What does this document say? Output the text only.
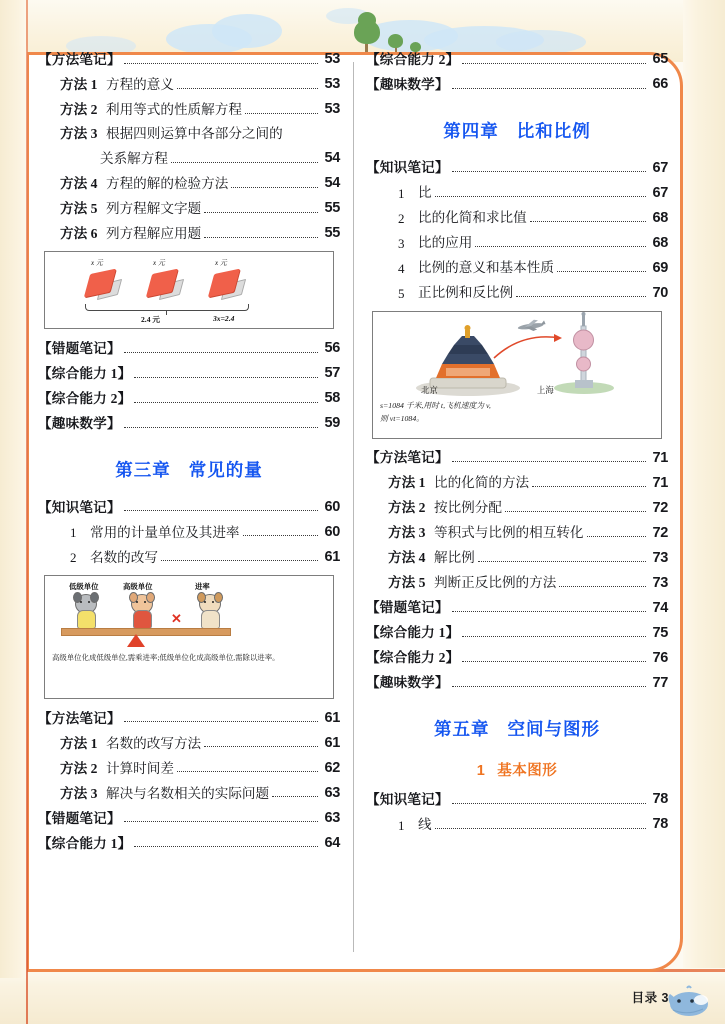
【方法笔记】	53
方法 1 方程的意义	53
方法 2 利用等式的性质解方程	53
方法 3 根据四则运算中各部分之间的
关系解方程	54
方法 4 方程的解的检验方法	54
方法 5 列方程解文字题	55
方法 6 列方程解应用题	55
x 元	x 元	x 元
2.4 元	3x=2.4
【错题笔记】	56
【综合能力 1】	57
【综合能力 2】	58
【趣味数学】	59
第三章 常见的量
【知识笔记】	60
1 常用的计量单位及其进率	60
2 名数的改写	61
低级单位	高级单位	进率
✕
高级单位化成低级单位,需乘进率;低级单位化成高级单位,需除以进率。
【方法笔记】	61
方法 1 名数的改写方法	61
方法 2 计算时间差	62
方法 3 解决与名数相关的实际问题	63
【错题笔记】	63
【综合能力 1】	64
【综合能力 2】	65
【趣味数学】	66
第四章 比和比例
【知识笔记】	67
1 比	67
2 比的化简和求比值	68
3 比的应用	68
4 比例的意义和基本性质	69
5 正比例和反比例	70
北京	上海
s=1084 千米,用时 t,飞机速度为 v,
则 vt=1084。
【方法笔记】	71
方法 1 比的化简的方法	71
方法 2 按比例分配	72
方法 3 等积式与比例的相互转化	72
方法 4 解比例	73
方法 5 判断正反比例的方法	73
【错题笔记】	74
【综合能力 1】	75
【综合能力 2】	76
【趣味数学】	77
第五章 空间与图形
1 基本图形
【知识笔记】	78
1 线	78
目录 3
